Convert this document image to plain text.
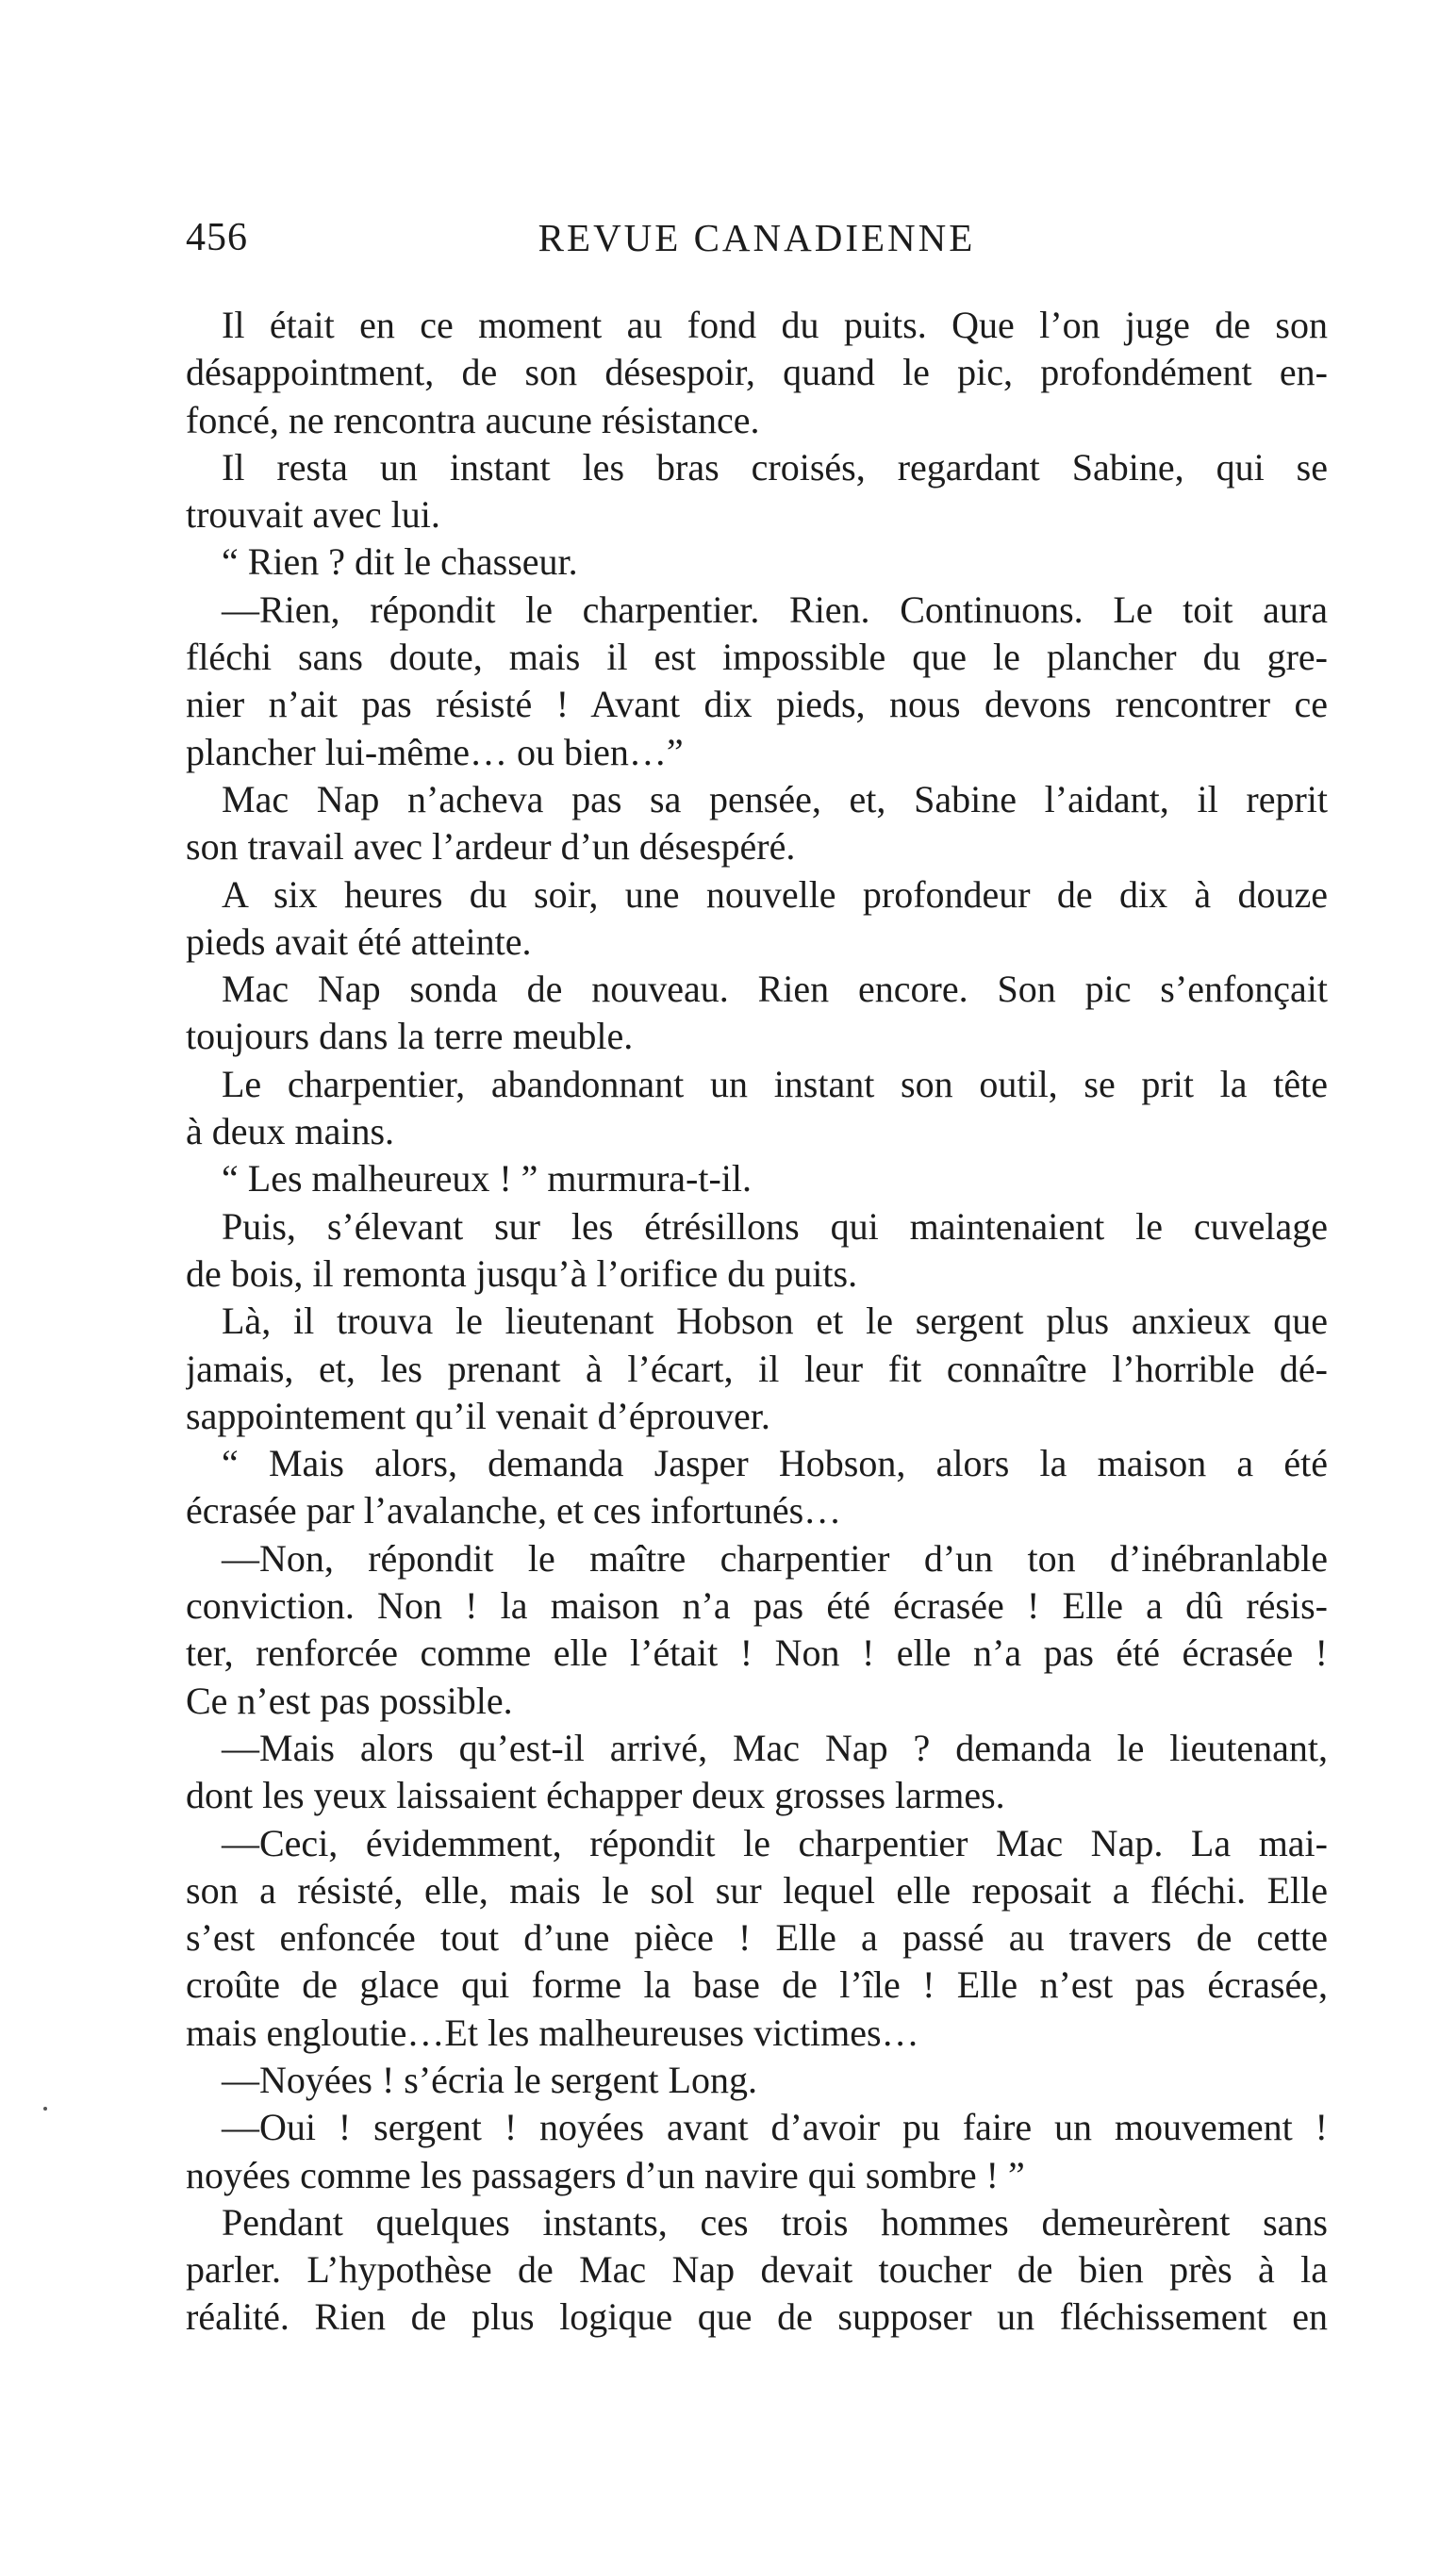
456	REVUE CANADIENNE
Il était en ce moment au fond du puits. Que l’on juge de son
désappointment, de son désespoir, quand le pic, profondément en-
foncé, ne rencontra aucune résistance.
Il resta un instant les bras croisés, regardant Sabine, qui se
trouvait avec lui.
“ Rien ? dit le chasseur.
—Rien, répondit le charpentier. Rien. Continuons. Le toit aura
fléchi sans doute, mais il est impossible que le plancher du gre-
nier n’ait pas résisté ! Avant dix pieds, nous devons rencontrer ce
plancher lui-même… ou bien…”
Mac Nap n’acheva pas sa pensée, et, Sabine l’aidant, il reprit
son travail avec l’ardeur d’un désespéré.
A six heures du soir, une nouvelle profondeur de dix à douze
pieds avait été atteinte.
Mac Nap sonda de nouveau. Rien encore. Son pic s’enfonçait
toujours dans la terre meuble.
Le charpentier, abandonnant un instant son outil, se prit la tête
à deux mains.
“ Les malheureux ! ” murmura-t-il.
Puis, s’élevant sur les étrésillons qui maintenaient le cuvelage
de bois, il remonta jusqu’à l’orifice du puits.
Là, il trouva le lieutenant Hobson et le sergent plus anxieux que
jamais, et, les prenant à l’écart, il leur fit connaître l’horrible dé-
sappointement qu’il venait d’éprouver.
“ Mais alors, demanda Jasper Hobson, alors la maison a été
écrasée par l’avalanche, et ces infortunés…
—Non, répondit le maître charpentier d’un ton d’inébranlable
conviction. Non ! la maison n’a pas été écrasée ! Elle a dû résis-
ter, renforcée comme elle l’était ! Non ! elle n’a pas été écrasée !
Ce n’est pas possible.
—Mais alors qu’est-il arrivé, Mac Nap ? demanda le lieutenant,
dont les yeux laissaient échapper deux grosses larmes.
—Ceci, évidemment, répondit le charpentier Mac Nap. La mai-
son a résisté, elle, mais le sol sur lequel elle reposait a fléchi. Elle
s’est enfoncée tout d’une pièce ! Elle a passé au travers de cette
croûte de glace qui forme la base de l’île ! Elle n’est pas écrasée,
mais engloutie…Et les malheureuses victimes…
—Noyées ! s’écria le sergent Long.
—Oui ! sergent ! noyées avant d’avoir pu faire un mouvement !
noyées comme les passagers d’un navire qui sombre ! ”
Pendant quelques instants, ces trois hommes demeurèrent sans
parler. L’hypothèse de Mac Nap devait toucher de bien près à la
réalité. Rien de plus logique que de supposer un fléchissement en
